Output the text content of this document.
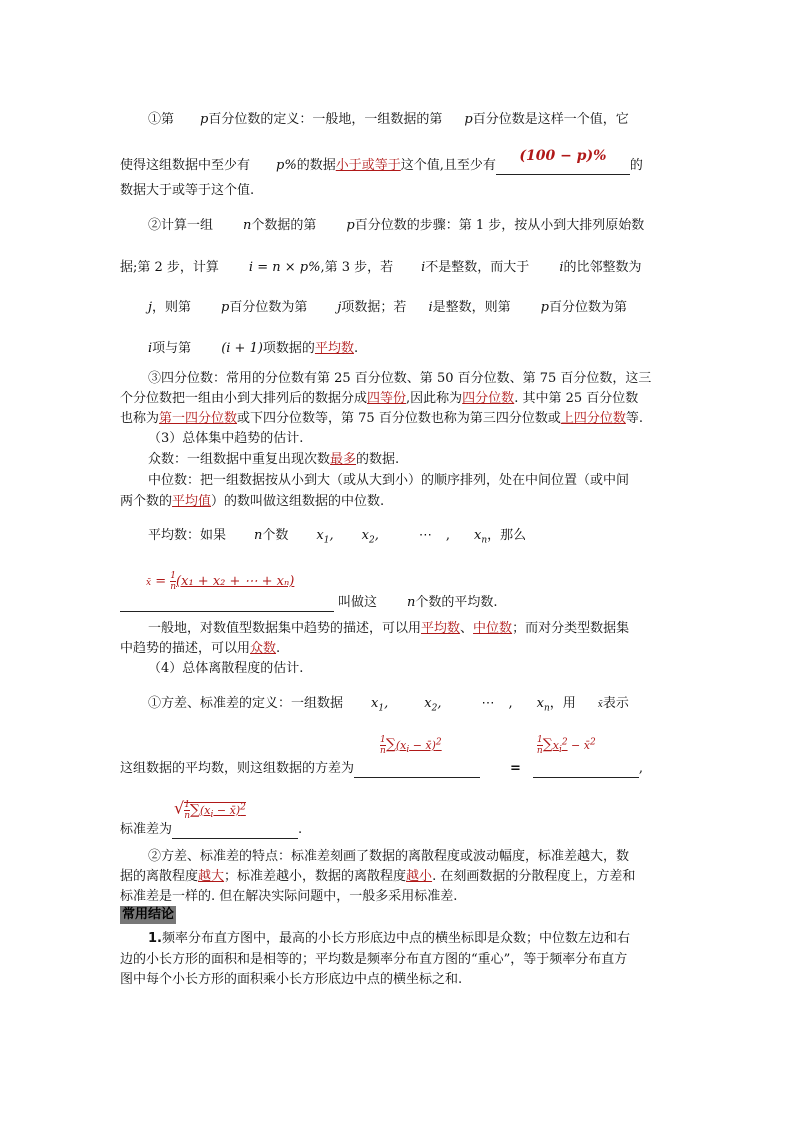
①第 p百分位数的定义：一般地，一组数据的第 p百分位数是这样一个值，它
使得这组数据中至少有 p%的数据小于或等于这个值,且至少有(100 − p)%的
数据大于或等于这个值.
②计算一组 n个数据的第 p百分位数的步骤：第 1 步，按从小到大排列原始数
据;第 2 步，计算 i = n × p%,第 3 步，若 i不是整数，而大于 i的比邻整数为
j，则第 p百分位数为第 j项数据；若 i是整数，则第 p百分位数为第
i项与第 (i + 1)项数据的平均数.
③四分位数：常用的分位数有第 25 百分位数、第 50 百分位数、第 75 百分位数，这三
个分位数把一组由小到大排列后的数据分成四等份,因此称为四分位数. 其中第 25 百分位数
也称为第一四分位数或下四分位数等，第 75 百分位数也称为第三四分位数或上四分位数等.
（3）总体集中趋势的估计.
众数：一组数据中重复出现次数最多的数据.
中位数：把一组数据按从小到大（或从大到小）的顺序排列，处在中间位置（或中间
两个数的平均值）的数叫做这组数据的中位数.
平均数：如果 n个数 $x_1$, $x_2$,	⋯ , $x_n$，那么
x̄ = $\frac{1}{n}(x_1 + x_2$ + ⋯ + xₙ)
叫做这 n个数的平均数.
一般地，对数值型数据集中趋势的描述，可以用平均数、中位数；而对分类型数据集
中趋势的描述，可以用众数.
（4）总体离散程度的估计.
①方差、标准差的定义：一组数据 $x_1$,	$x_2$,	⋯ , $x_n$，用 x̄表示
这组数据的平均数，则这组数据的方差为
$\frac{1}{n}\sum(x_i$ − x̄)$^2$
=
$\frac{1}{n}\sum x_i^2$ − x̄$^2$
,
标准差为
√ $\frac{1}{n}\sum(x_i$ − x̄)$^2$
.
②方差、标准差的特点：标准差刻画了数据的离散程度或波动幅度，标准差越大，数
据的离散程度越大；标准差越小，数据的离散程度越小. 在刻画数据的分散程度上，方差和
标准差是一样的. 但在解决实际问题中，一般多采用标准差.
常用结论
1.频率分布直方图中，最高的小长方形底边中点的横坐标即是众数；中位数左边和右
边的小长方形的面积和是相等的；平均数是频率分布直方图的“重心”，等于频率分布直方
图中每个小长方形的面积乘小长方形底边中点的横坐标之和.
